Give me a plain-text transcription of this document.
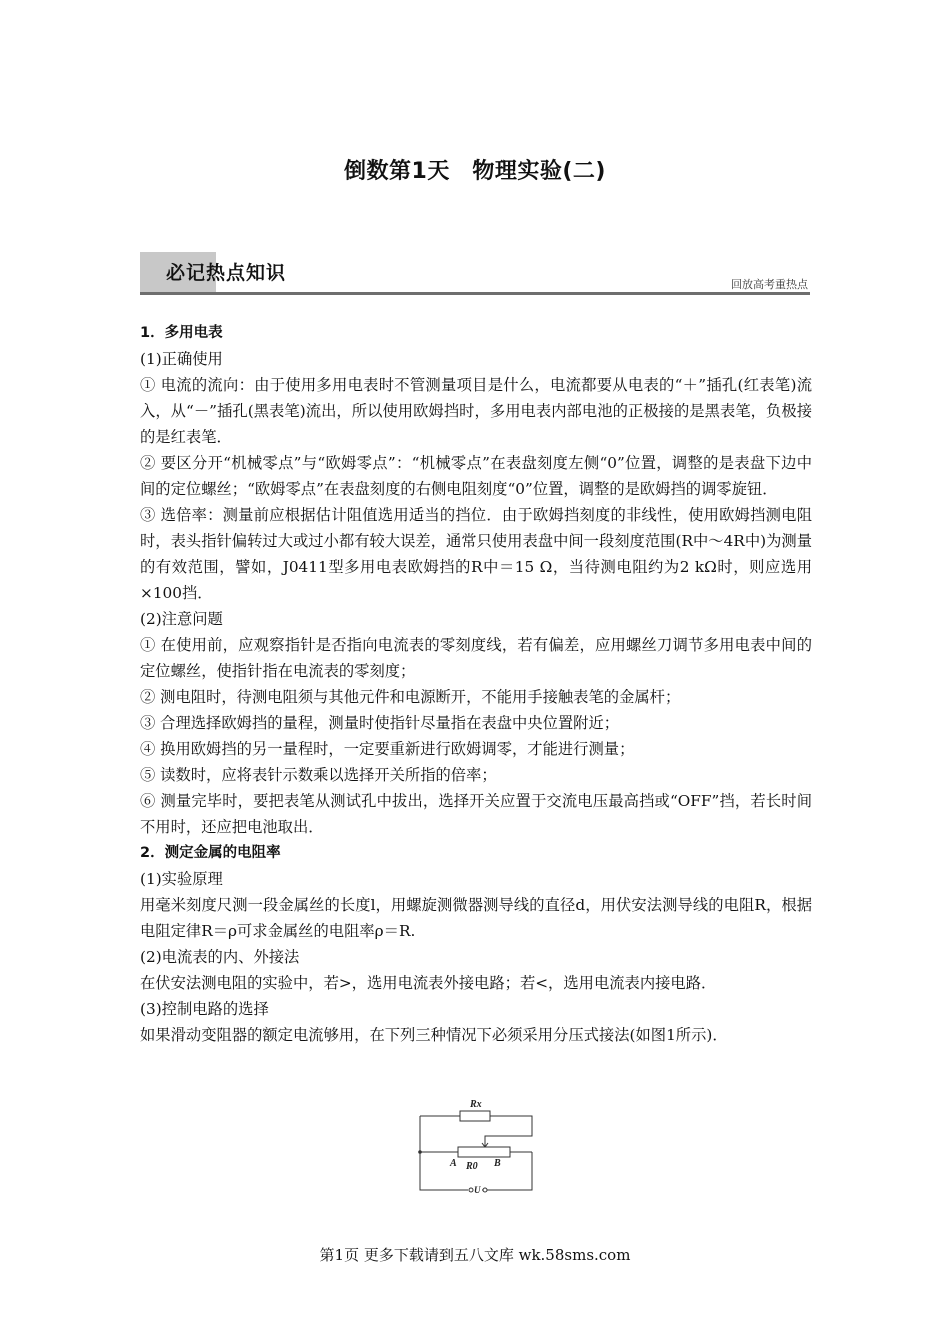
倒数第1天　物理实验(二)
必记热点知识
回放高考重热点

1．多用电表

(1)正确使用

① 电流的流向：由于使用多用电表时不管测量项目是什么，电流都要从电表的“＋”插孔(红表笔)流入，从“－”插孔(黑表笔)流出，所以使用欧姆挡时，多用电表内部电池的正极接的是黑表笔，负极接的是红表笔．

② 要区分开“机械零点”与“欧姆零点”：“机械零点”在表盘刻度左侧“0”位置，调整的是表盘下边中间的定位螺丝；“欧姆零点”在表盘刻度的右侧电阻刻度“0”位置，调整的是欧姆挡的调零旋钮．

③ 选倍率：测量前应根据估计阻值选用适当的挡位．由于欧姆挡刻度的非线性，使用欧姆挡测电阻时，表头指针偏转过大或过小都有较大误差，通常只使用表盘中间一段刻度范围(R中～4R中)为测量的有效范围，譬如，J0411型多用电表欧姆挡的R中＝15 Ω，当待测电阻约为2 kΩ时，则应选用×100挡．

(2)注意问题

① 在使用前，应观察指针是否指向电流表的零刻度线，若有偏差，应用螺丝刀调节多用电表中间的定位螺丝，使指针指在电流表的零刻度；

② 测电阻时，待测电阻须与其他元件和电源断开，不能用手接触表笔的金属杆；

③ 合理选择欧姆挡的量程，测量时使指针尽量指在表盘中央位置附近；

④ 换用欧姆挡的另一量程时，一定要重新进行欧姆调零，才能进行测量；

⑤ 读数时，应将表针示数乘以选择开关所指的倍率；

⑥ 测量完毕时，要把表笔从测试孔中拔出，选择开关应置于交流电压最高挡或“OFF”挡，若长时间不用时，还应把电池取出．

2．测定金属的电阻率

(1)实验原理

用毫米刻度尺测一段金属丝的长度l，用螺旋测微器测导线的直径d，用伏安法测导线的电阻R，根据电阻定律R＝ρ可求金属丝的电阻率ρ＝R.

(2)电流表的内、外接法

在伏安法测电阻的实验中，若>，选用电流表外接电路；若<，选用电流表内接电路．

(3)控制电路的选择

如果滑动变阻器的额定电流够用，在下列三种情况下必须采用分压式接法(如图1所示)．

Rx
R0
A	B
U
第1页 更多下载请到五八文库 wk.58sms.com
